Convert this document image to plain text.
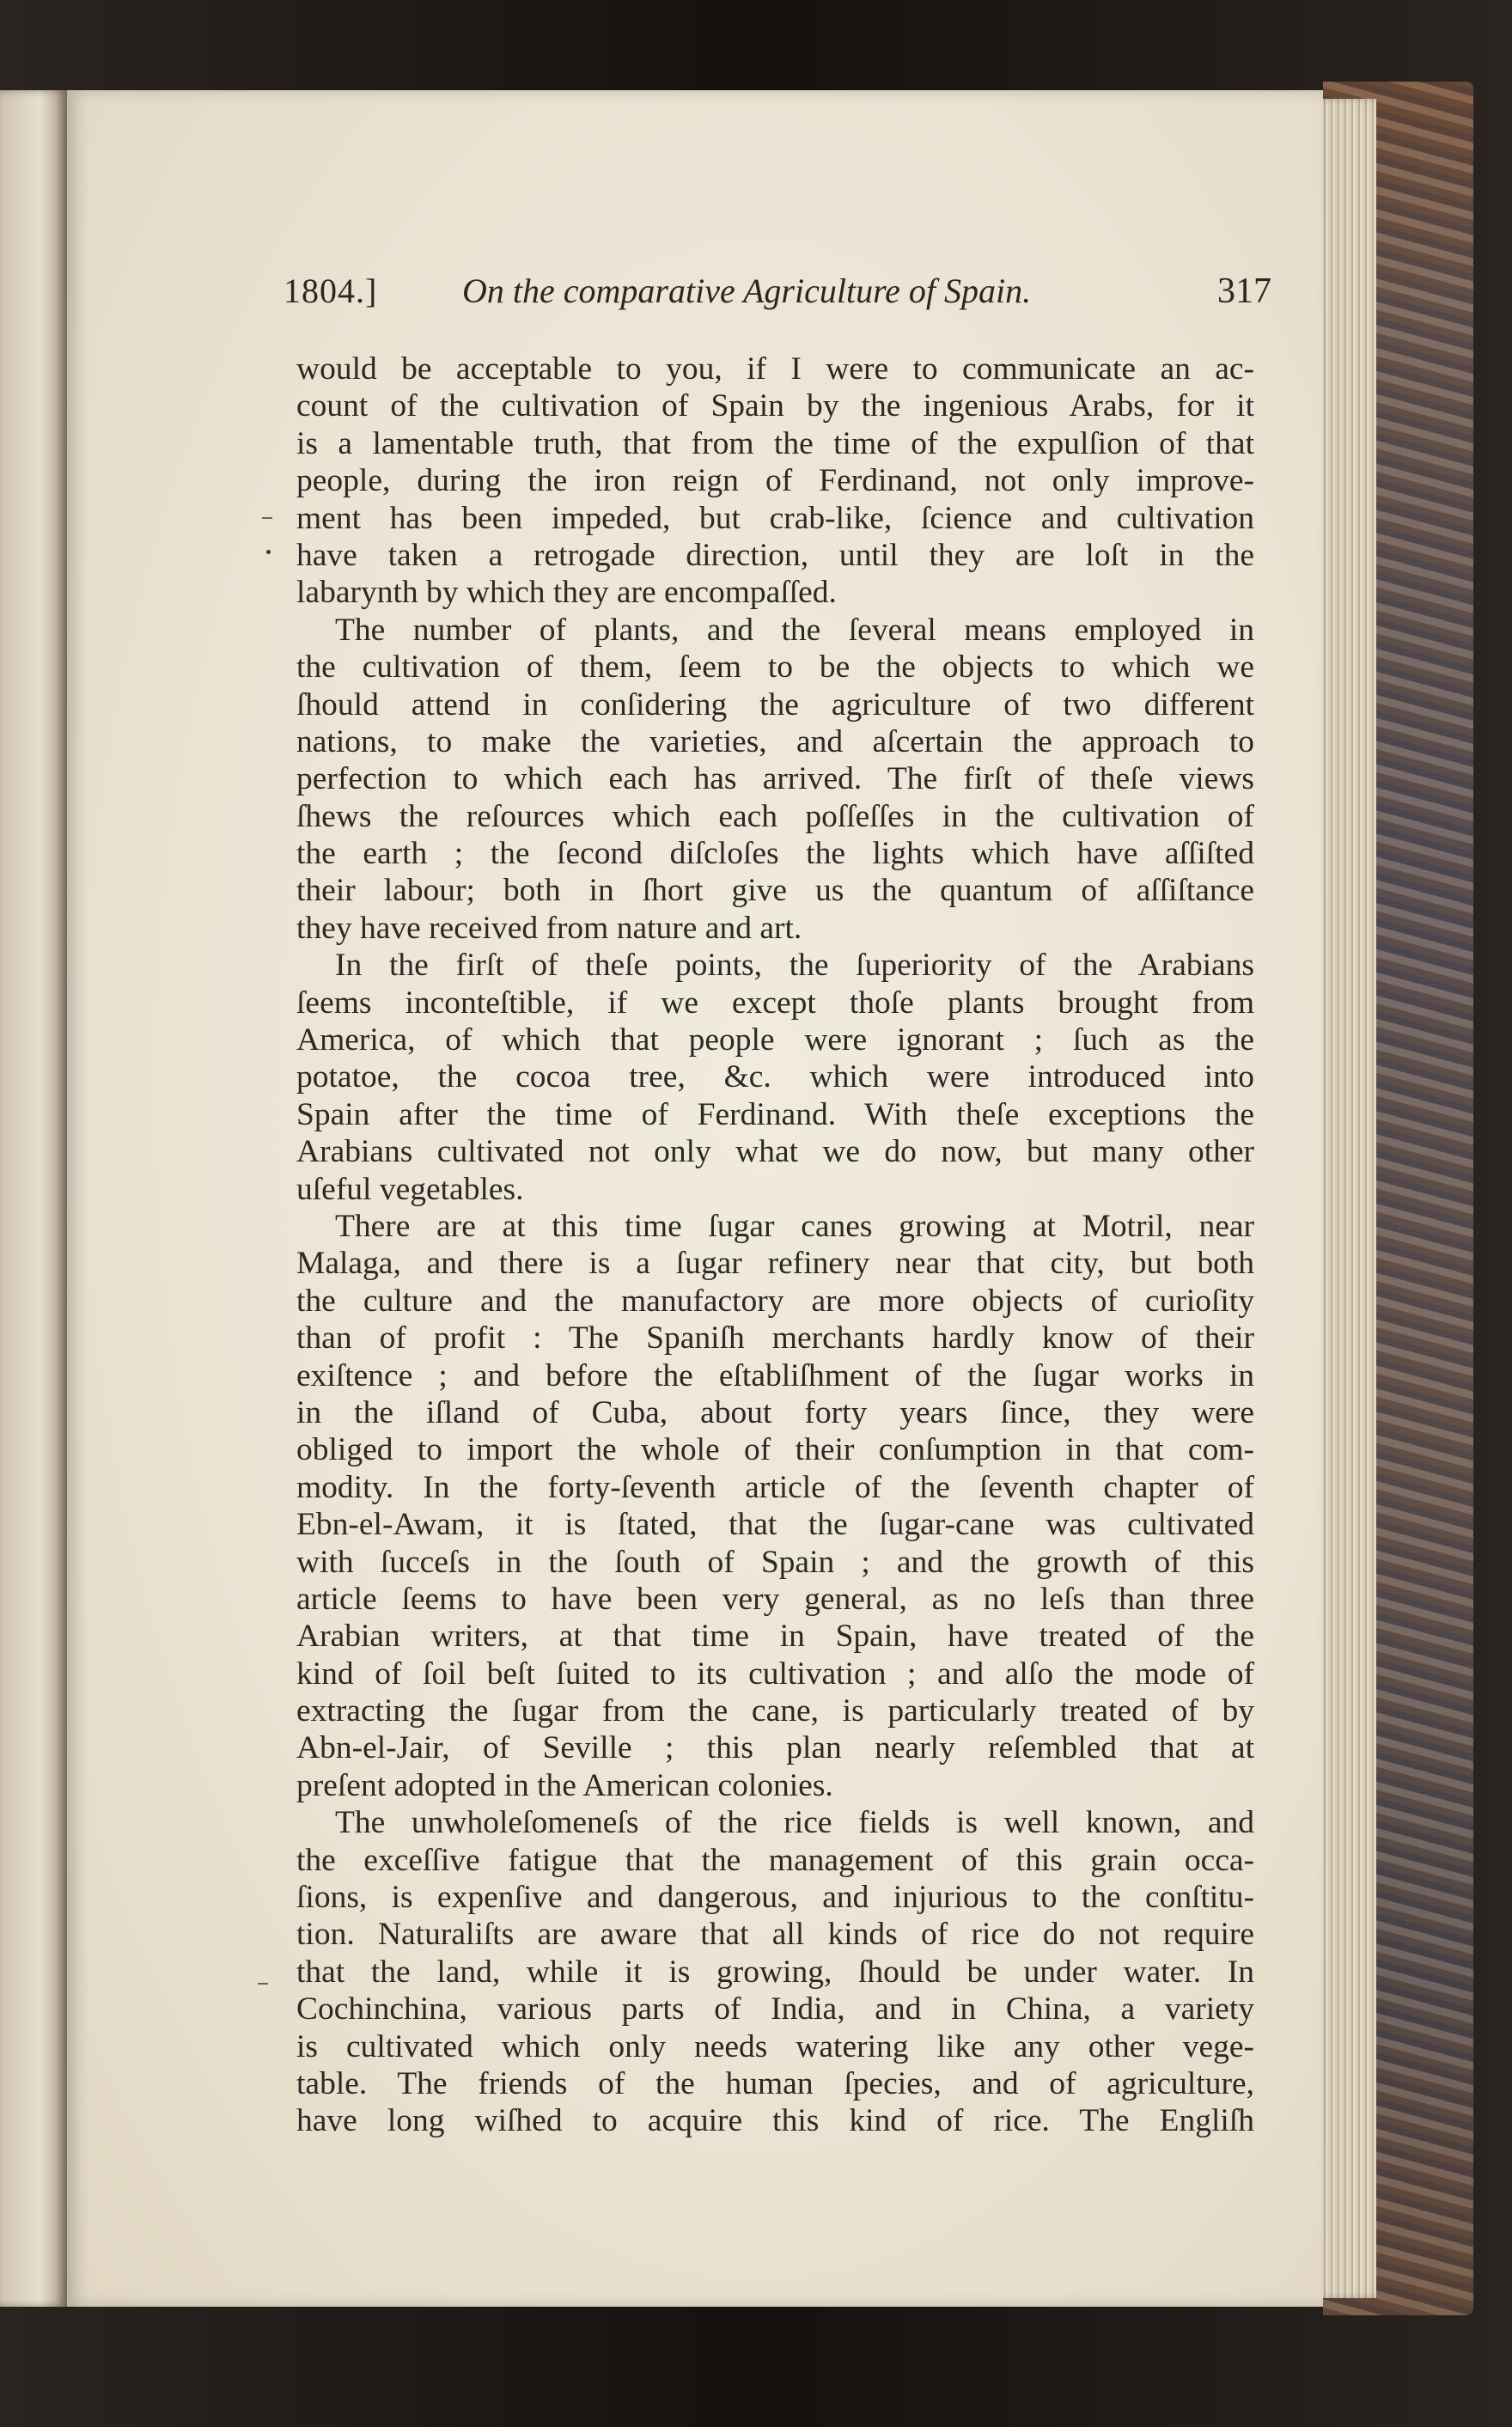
1804.] On the comparative Agriculture of Spain.	317
would be acceptable to you, if I were to communicate an ac-
count of the cultivation of Spain by the ingenious Arabs, for it
is a lamentable truth, that from the time of the expulſion of that
people, during the iron reign of Ferdinand, not only improve-
ment has been impeded, but crab-like, ſcience and cultivation
have taken a retrogade direction, until they are loſt in the
labarynth by which they are encompaſſed.
The number of plants, and the ſeveral means employed in
the cultivation of them, ſeem to be the objects to which we
ſhould attend in conſidering the agriculture of two different
nations, to make the varieties, and aſcertain the approach to
perfection to which each has arrived. The firſt of theſe views
ſhews the reſources which each poſſeſſes in the cultivation of
the earth ; the ſecond diſcloſes the lights which have aſſiſted
their labour; both in ſhort give us the quantum of aſſiſtance
they have received from nature and art.
In the firſt of theſe points, the ſuperiority of the Arabians
ſeems inconteſtible, if we except thoſe plants brought from
America, of which that people were ignorant ; ſuch as the
potatoe, the cocoa tree, &c. which were introduced into
Spain after the time of Ferdinand. With theſe exceptions the
Arabians cultivated not only what we do now, but many other
uſeful vegetables.
There are at this time ſugar canes growing at Motril, near
Malaga, and there is a ſugar refinery near that city, but both
the culture and the manufactory are more objects of curioſity
than of profit : The Spaniſh merchants hardly know of their
exiſtence ; and before the eſtabliſhment of the ſugar works in
in the iſland of Cuba, about forty years ſince, they were
obliged to import the whole of their conſumption in that com-
modity. In the forty-ſeventh article of the ſeventh chapter of
Ebn-el-Awam, it is ſtated, that the ſugar-cane was cultivated
with ſucceſs in the ſouth of Spain ; and the growth of this
article ſeems to have been very general, as no leſs than three
Arabian writers, at that time in Spain, have treated of the
kind of ſoil beſt ſuited to its cultivation ; and alſo the mode of
extracting the ſugar from the cane, is particularly treated of by
Abn-el-Jair, of Seville ; this plan nearly reſembled that at
preſent adopted in the American colonies.
The unwholeſomeneſs of the rice fields is well known, and
the exceſſive fatigue that the management of this grain occa-
ſions, is expenſive and dangerous, and injurious to the conſtitu-
tion. Naturaliſts are aware that all kinds of rice do not require
that the land, while it is growing, ſhould be under water. In
Cochinchina, various parts of India, and in China, a variety
is cultivated which only needs watering like any other vege-
table. The friends of the human ſpecies, and of agriculture,
have long wiſhed to acquire this kind of rice. The Engliſh
